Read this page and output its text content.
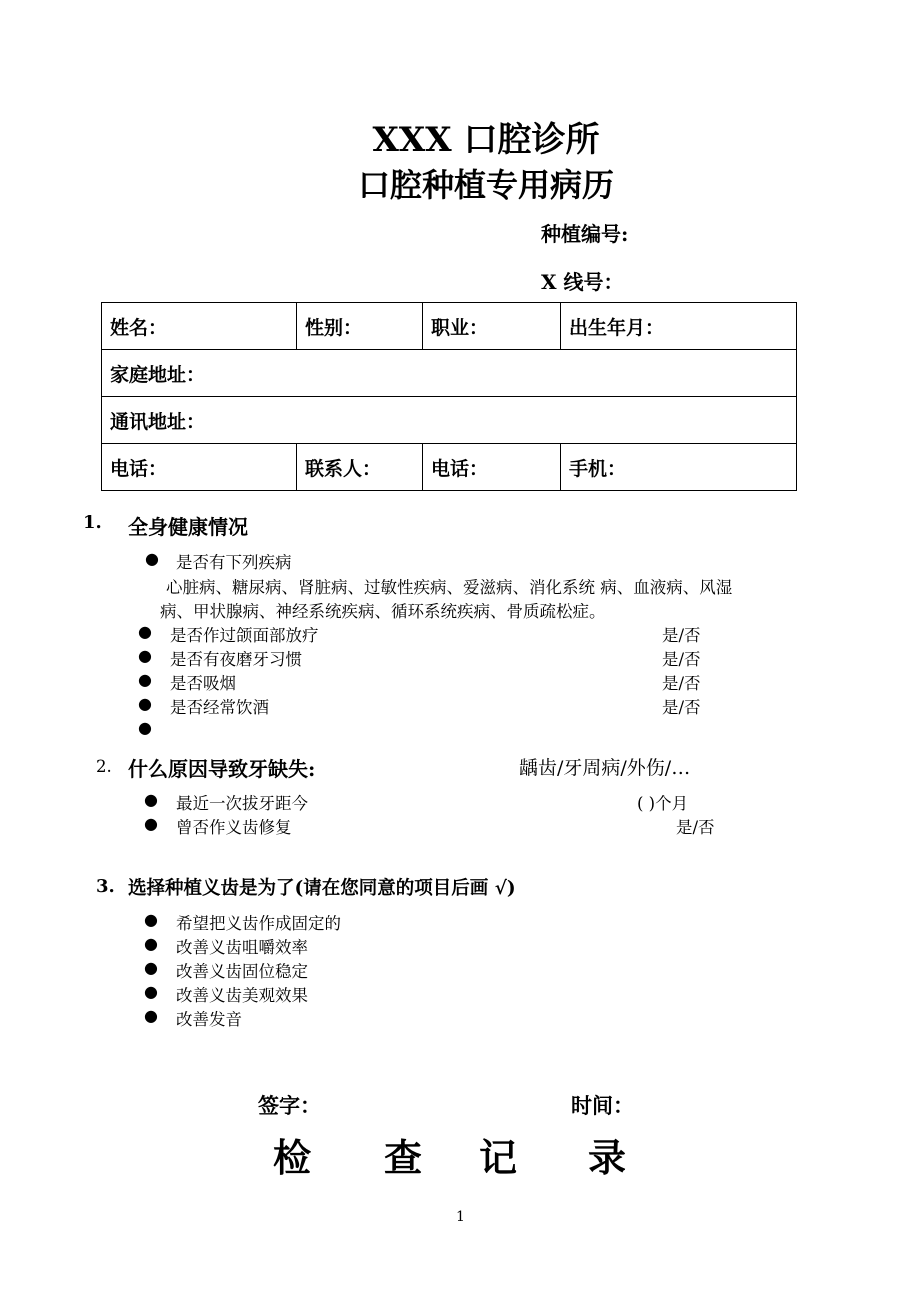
XXX 口腔诊所
口腔种植专用病历
种植编号:
X 线号：
姓名：	性别：	职业：	出生年月：
家庭地址：			
通讯地址：			
电话：	联系人：	电话：	手机：
1. 全身健康情况
● 是否有下列疾病
心脏病、糖尿病、肾脏病、过敏性疾病、爱滋病、消化系统 病、血液病、风湿
病、甲状腺病、神经系统疾病、循环系统疾病、骨质疏松症。
● 是否作过颌面部放疗	是/否
● 是否有夜磨牙习惯	是/否
● 是否吸烟	是/否
● 是否经常饮酒	是/否
●
2. 什么原因导致牙缺失:	龋齿/牙周病/外伤/…
● 最近一次拔牙距今	( )个月
● 曾否作义齿修复	是/否
3. 选择种植义齿是为了(请在您同意的项目后画 √)
● 希望把义齿作成固定的
● 改善义齿咀嚼效率
● 改善义齿固位稳定
● 改善义齿美观效果
● 改善发音
签字：	时间：
检 查 记 录
1
